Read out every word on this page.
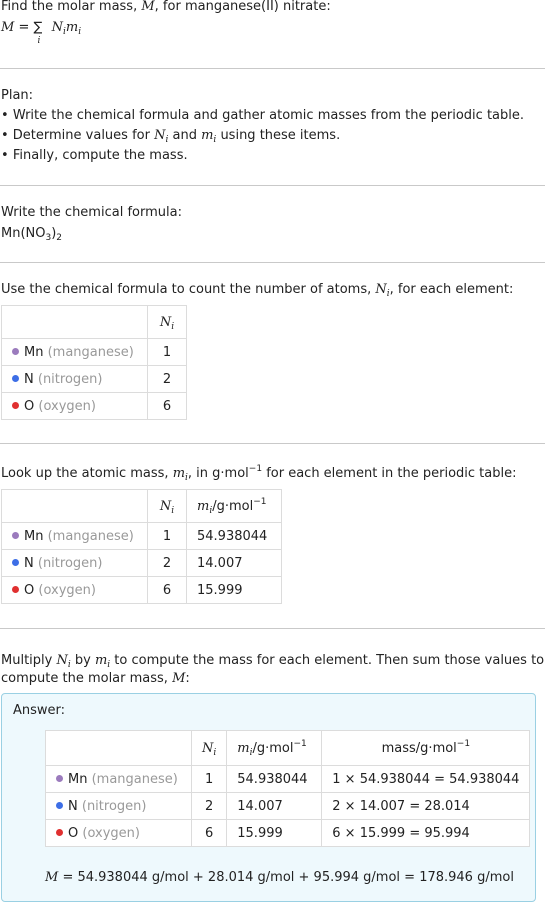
Find the molar mass, M, for manganese(II) nitrate:
M = ∑
i
$N_im_i$
Plan:
• Write the chemical formula and gather atomic masses from the periodic table.
• Determine values for $N_i$ and $m_i$ using these items.
• Finally, compute the mass.
Write the chemical formula:
$Mn(NO_3)_2$
Use the chemical formula to count the number of atoms, $N_i$, for each element:
	$N_i$
Mn (manganese)	1
N (nitrogen)	2
O (oxygen)	6
Look up the atomic mass, $m_i$, in g·mol$^{-1}$ for each element in the periodic table:
	$N_i$	$m_i/g\cdot mol^{-1}$
Mn (manganese)	1	54.938044
N (nitrogen)	2	14.007
O (oxygen)	6	15.999
Multiply $N_i$ by $m_i$ to compute the mass for each element. Then sum those values to
compute the molar mass, M:
Answer:
	$N_i$	$m_i/g\cdot mol^{-1}$	mass/g·mol$^{-1}$
Mn (manganese)	1	54.938044	1 × 54.938044 = 54.938044
N (nitrogen)	2	14.007	2 × 14.007 = 28.014
O (oxygen)	6	15.999	6 × 15.999 = 95.994
M = 54.938044 g/mol + 28.014 g/mol + 95.994 g/mol = 178.946 g/mol
